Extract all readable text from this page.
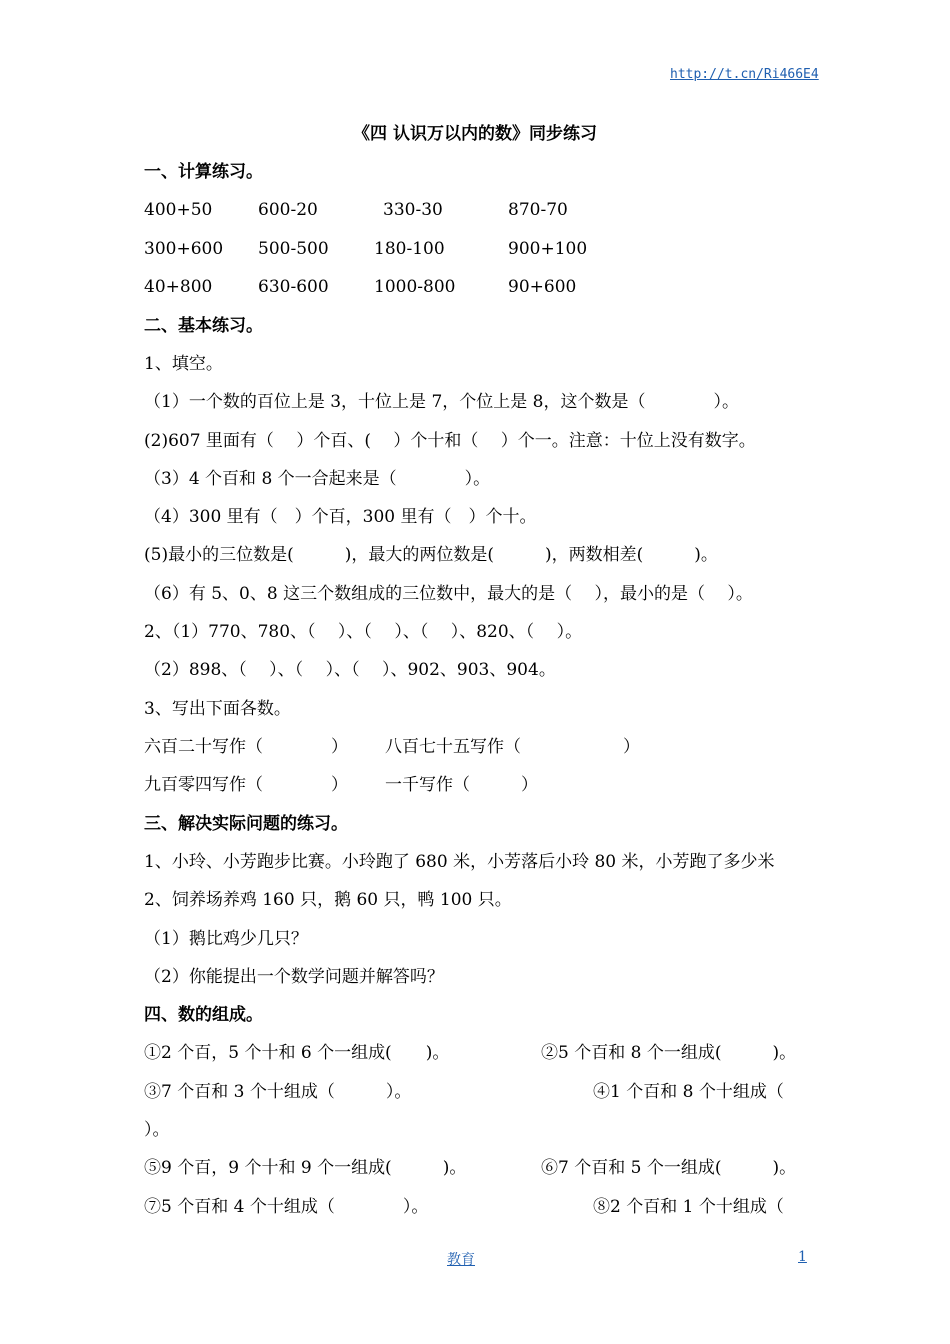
http://t.cn/Ri466E4
《四 认识万以内的数》同步练习
一、计算练习。
400+50	600-20	330-30	870-70
300+600 500-500	180-100	900+100
40+800	630-600	1000-800	90+600
二、基本练习。
1、填空。
（1）一个数的百位上是 3，十位上是 7，个位上是 8，这个数是（　　　　）。
(2)607 里面有（　 ）个百、(　 ）个十和（　 ）个一。注意：十位上没有数字。
（3）4 个百和 8 个一合起来是（　　　　）。
（4）300 里有（　）个百，300 里有（　）个十。
(5)最小的三位数是(　　　)，最大的两位数是(　　　)，两数相差(　　　)。
（6）有 5、0、8 这三个数组成的三位数中，最大的是（　 ），最小的是（　 ）。
2、（1）770、780、（　 ）、（　 ）、（　 ）、820、（　 ）。
（2）898、（　 ）、（　 ）、（　 ）、902、903、904。
3、写出下面各数。
六百二十写作（　　　　） 八百七十五写作（　　　　　　）
九百零四写作（　　　　） 一千写作（　　　）
三、解决实际问题的练习。
1、小玲、小芳跑步比赛。小玲跑了 680 米，小芳落后小玲 80 米，小芳跑了多少米
2、饲养场养鸡 160 只，鹅 60 只，鸭 100 只。
（1）鹅比鸡少几只？
（2）你能提出一个数学问题并解答吗？
四、数的组成。
①2 个百，5 个十和 6 个一组成(　　)。	②5 个百和 8 个一组成(　　　)。
③7 个百和 3 个十组成（　　　）。	④1 个百和 8 个十组成（
）。
⑤9 个百，9 个十和 9 个一组成(　　　)。	⑥7 个百和 5 个一组成(　　　)。
⑦5 个百和 4 个十组成（　　　　）。	⑧2 个百和 1 个十组成（
教育	1
